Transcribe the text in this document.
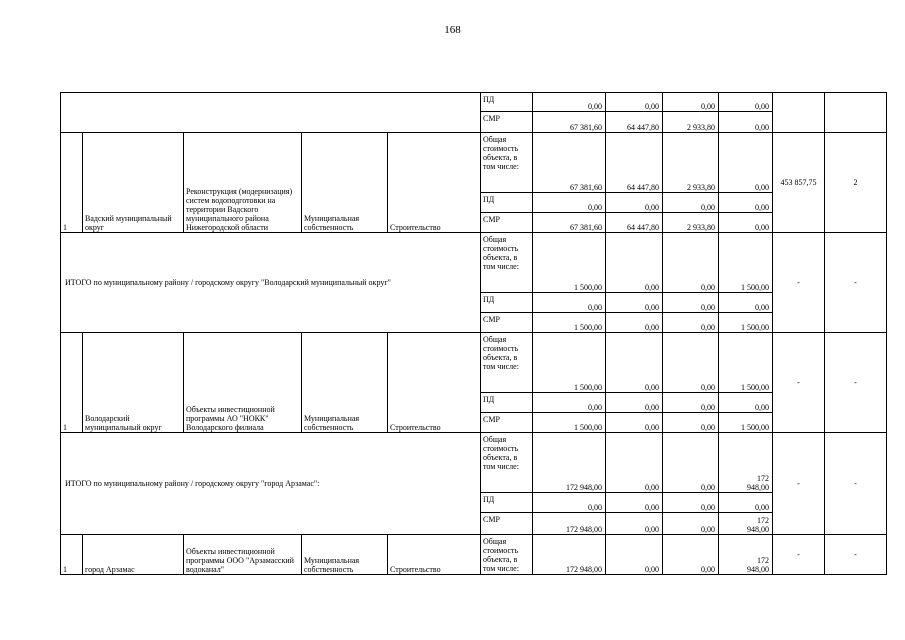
168
					ПД	0,00	0,00	0,00	0,00		
					СМР	67 381,60	64 447,80	2 933,80	0,00		
1	Вадский муниципальный округ	Реконструкция (модернизация) систем водоподготовки на территории Вадского муниципального района Нижегородской области	Муниципальная собственность	Строительство	Общая стоимость объекта, в том числе:	67 381,60	64 447,80	2 933,80	0,00	453 857,75	2
					ПД	0,00	0,00	0,00	0,00		
					СМР	67 381,60	64 447,80	2 933,80	0,00		
ИТОГО по муниципальному району / городскому округу "Володарский муниципальный округ"					Общая стоимость объекта, в том числе:	1 500,00	0,00	0,00	1 500,00	-	-
					ПД	0,00	0,00	0,00	0,00		
					СМР	1 500,00	0,00	0,00	1 500,00		
1	Володарский муниципальный округ	Объекты инвестиционной программы АО "НОКК" Володарского филиала	Муниципальная собственность	Строительство	Общая стоимость объекта, в том числе:	1 500,00	0,00	0,00	1 500,00	-	-
					ПД	0,00	0,00	0,00	0,00		
					СМР	1 500,00	0,00	0,00	1 500,00		
ИТОГО по муниципальному району / городскому округу "город Арзамас":					Общая стоимость объекта, в том числе:	172 948,00	0,00	0,00	172 948,00	-	-
					ПД	0,00	0,00	0,00	0,00		
					СМР	172 948,00	0,00	0,00	172 948,00		
1	город Арзамас	Объекты инвестиционной программы ООО "Арзамасский водоканал"	Муниципальная собственность	Строительство	Общая стоимость объекта, в том числе:	172 948,00	0,00	0,00	172 948,00	-	-
